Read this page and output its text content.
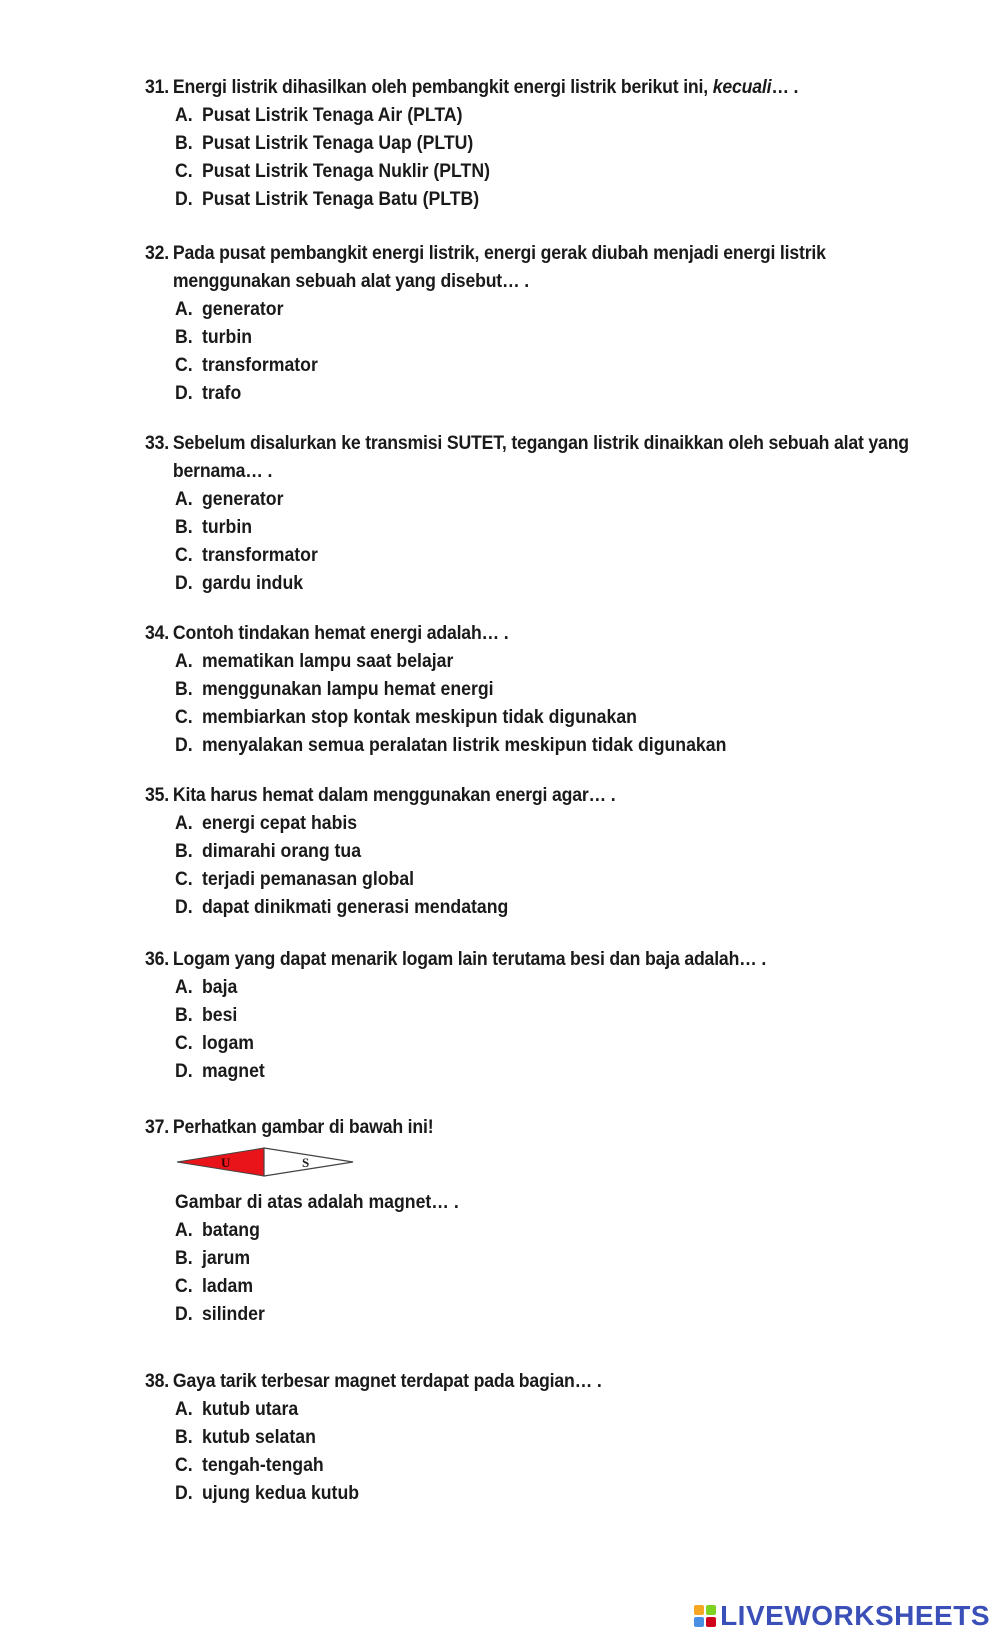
31. Energi listrik dihasilkan oleh pembangkit energi listrik berikut ini, kecuali… .
A. Pusat Listrik Tenaga Air (PLTA)
B. Pusat Listrik Tenaga Uap (PLTU)
C. Pusat Listrik Tenaga Nuklir (PLTN)
D. Pusat Listrik Tenaga Batu (PLTB)
32. Pada pusat pembangkit energi listrik, energi gerak diubah menjadi energi listrik menggunakan sebuah alat yang disebut… .
A. generator
B. turbin
C. transformator
D. trafo
33. Sebelum disalurkan ke transmisi SUTET, tegangan listrik dinaikkan oleh sebuah alat yang bernama… .
A. generator
B. turbin
C. transformator
D. gardu induk
34. Contoh tindakan hemat energi adalah… .
A. mematikan lampu saat belajar
B. menggunakan lampu hemat energi
C. membiarkan stop kontak meskipun tidak digunakan
D. menyalakan semua peralatan listrik meskipun tidak digunakan
35. Kita harus hemat dalam menggunakan energi agar… .
A. energi cepat habis
B. dimarahi orang tua
C. terjadi pemanasan global
D. dapat dinikmati generasi mendatang
36. Logam yang dapat menarik logam lain terutama besi dan baja adalah… .
A. baja
B. besi
C. logam
D. magnet
37. Perhatkan gambar di bawah ini!
U	S
Gambar di atas adalah magnet… .
A. batang
B. jarum
C. ladam
D. silinder
38. Gaya tarik terbesar magnet terdapat pada bagian… .
A. kutub utara
B. kutub selatan
C. tengah-tengah
D. ujung kedua kutub
LIVEWORKSHEETS
